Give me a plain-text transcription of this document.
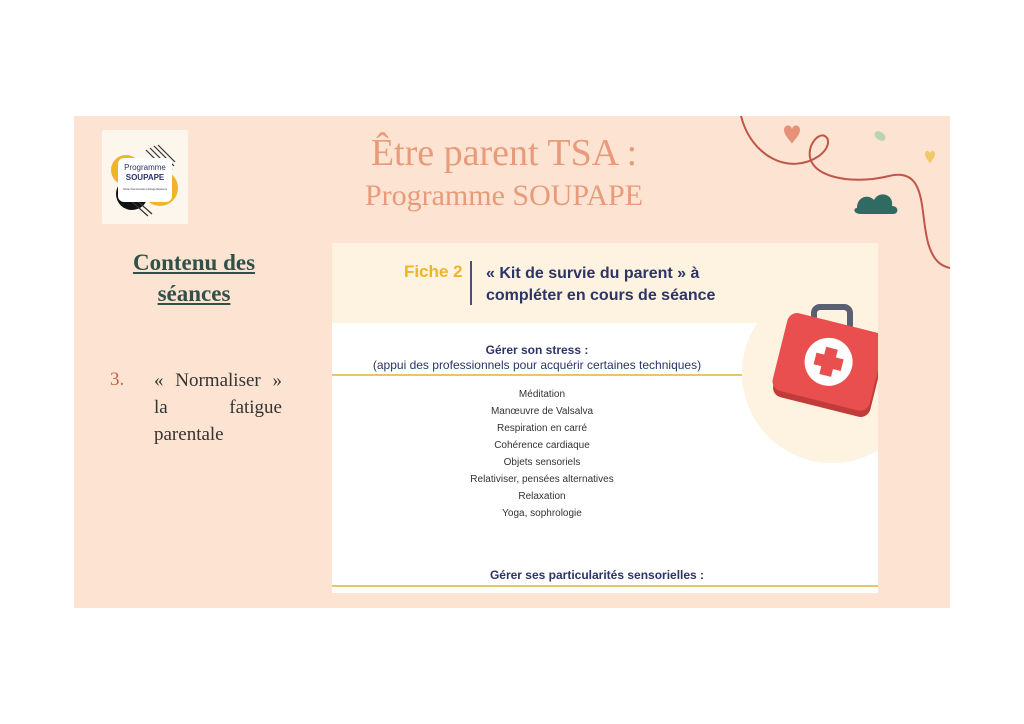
Programme
SOUPAPE
SOUtien Parents Autistes et Partage d'Expérience
Être parent TSA :
Programme SOUPAPE
Contenu des séances
3. « Normaliser » la fatigue parentale
Fiche 2 « Kit de survie du parent » à
compléter en cours de séance
Gérer son stress :
(appui des professionnels pour acquérir certaines techniques)
Méditation
Manœuvre de Valsalva
Respiration en carré
Cohérence cardiaque
Objets sensoriels
Relativiser, pensées alternatives
Relaxation
Yoga, sophrologie
Gérer ses particularités sensorielles :
